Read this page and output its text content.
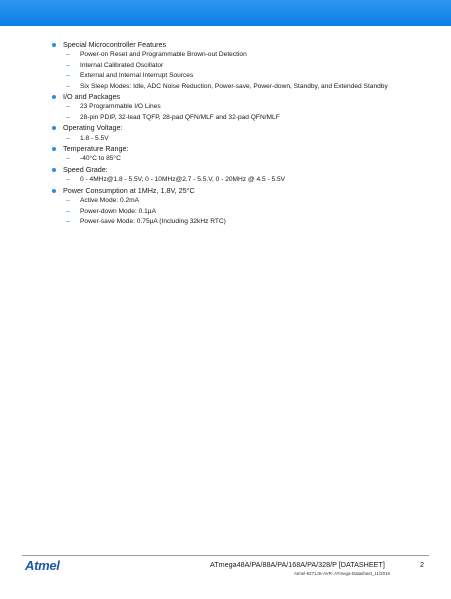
Special Microcontroller Features
–	Power-on Reset and Programmable Brown-out Detection
–	Internal Calibrated Oscillator
–	External and Internal Interrupt Sources
–	Six Sleep Modes: Idle, ADC Noise Reduction, Power-save, Power-down, Standby, and Extended Standby
I/O and Packages
–	23 Programmable I/O Lines
–	28-pin PDIP, 32-lead TQFP, 28-pad QFN/MLF and 32-pad QFN/MLF
Operating Voltage:
–	1.8 - 5.5V
Temperature Range:
–	-40°C to 85°C
Speed Grade:
–	0 - 4MHz@1.8 - 5.5V, 0 - 10MHz@2.7 - 5.5.V, 0 - 20MHz @ 4.5 - 5.5V
Power Consumption at 1MHz, 1.8V, 25°C
–	Active Mode: 0.2mA
–	Power-down Mode: 0.1µA
–	Power-save Mode: 0.75µA (Including 32kHz RTC)
Atmel	ATmega48A/PA/88A/PA/168A/PA/328/P [DATASHEET]	2
Atmel-8271JS-AVR- ATmega-Datasheet_11/2015
